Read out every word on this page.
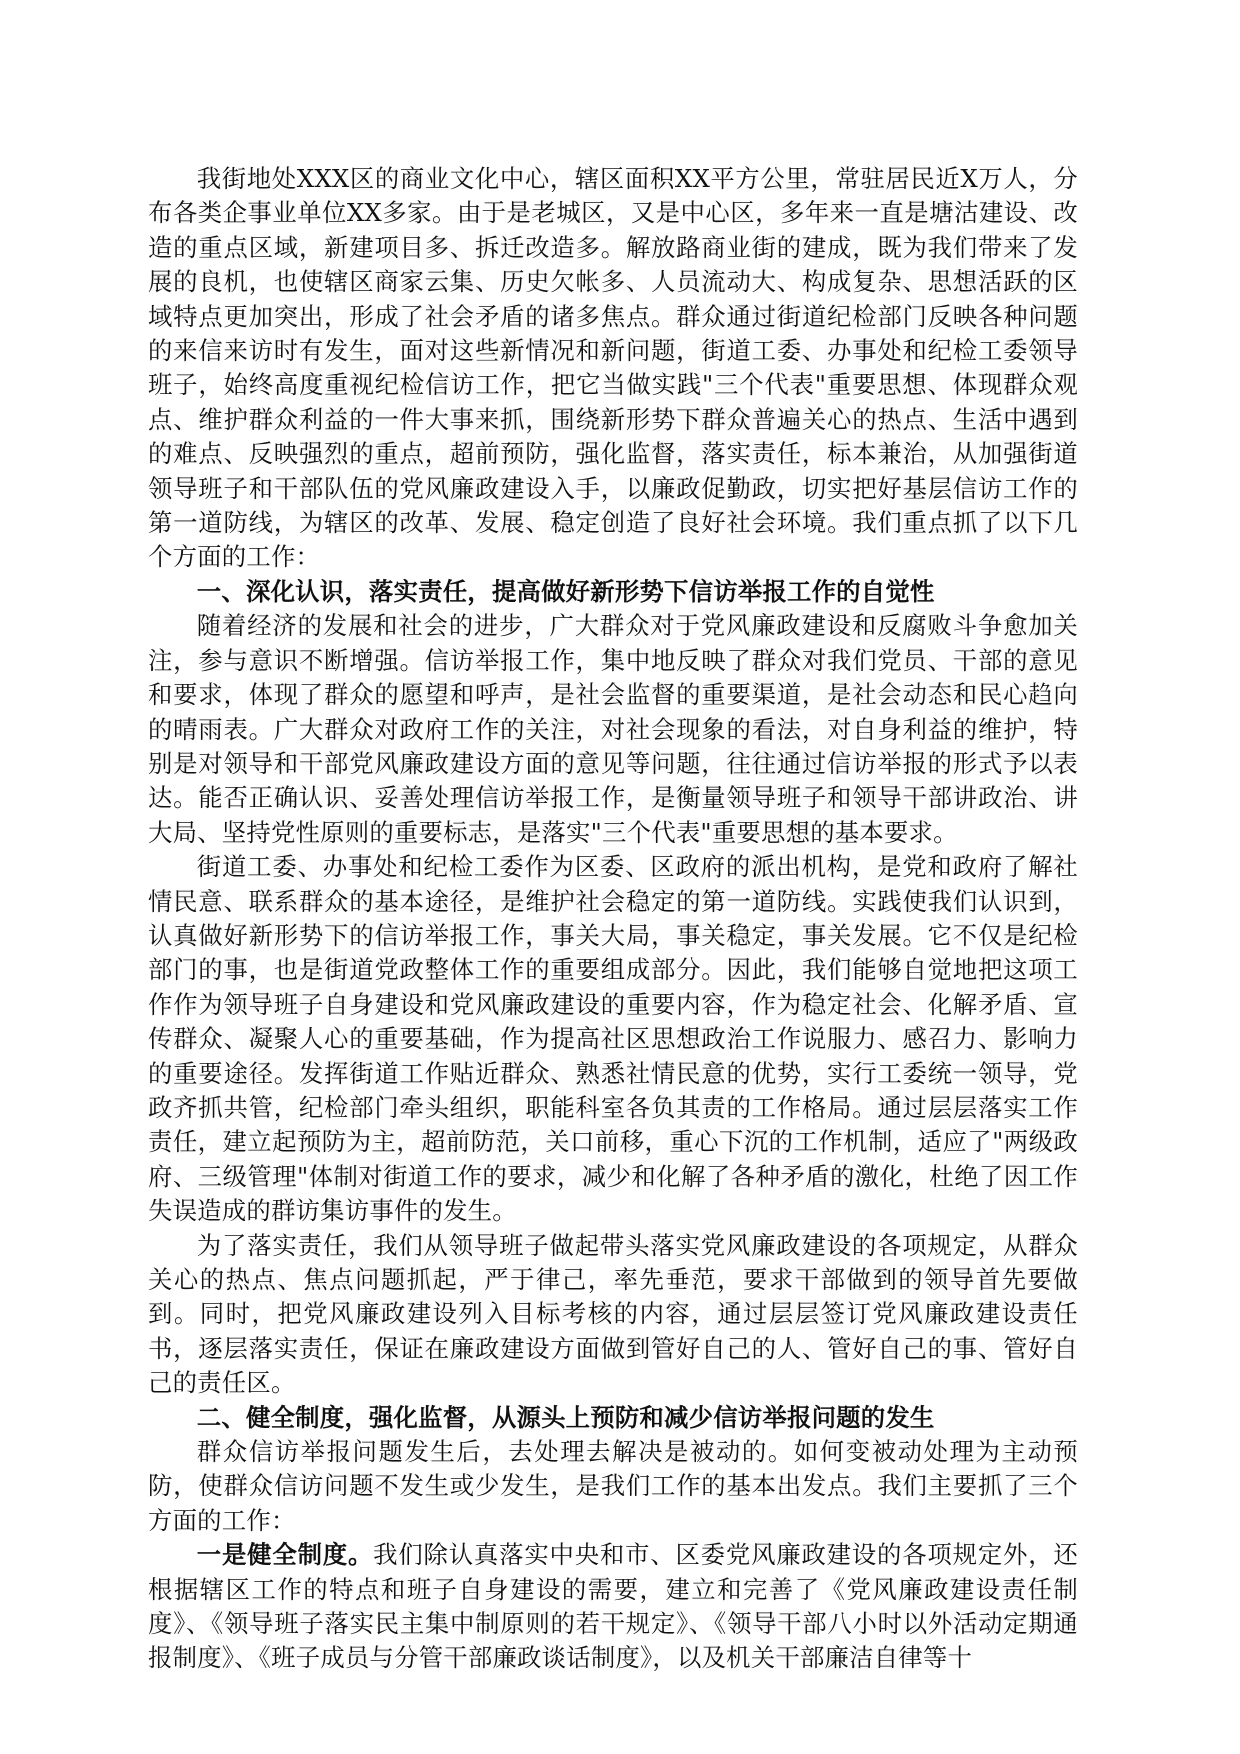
我街地处XXX区的商业文化中心，辖区面积XX平方公里，常驻居民近X万人，分布各类企事业单位XX多家。由于是老城区，又是中心区，多年来一直是塘沽建设、改造的重点区域，新建项目多、拆迁改造多。解放路商业街的建成，既为我们带来了发展的良机，也使辖区商家云集、历史欠帐多、人员流动大、构成复杂、思想活跃的区域特点更加突出，形成了社会矛盾的诸多焦点。群众通过街道纪检部门反映各种问题的来信来访时有发生，面对这些新情况和新问题，街道工委、办事处和纪检工委领导班子，始终高度重视纪检信访工作，把它当做实践"三个代表"重要思想、体现群众观点、维护群众利益的一件大事来抓，围绕新形势下群众普遍关心的热点、生活中遇到的难点、反映强烈的重点，超前预防，强化监督，落实责任，标本兼治，从加强街道领导班子和干部队伍的党风廉政建设入手，以廉政促勤政，切实把好基层信访工作的第一道防线，为辖区的改革、发展、稳定创造了良好社会环境。我们重点抓了以下几个方面的工作：

一、深化认识，落实责任，提高做好新形势下信访举报工作的自觉性

随着经济的发展和社会的进步，广大群众对于党风廉政建设和反腐败斗争愈加关注，参与意识不断增强。信访举报工作，集中地反映了群众对我们党员、干部的意见和要求，体现了群众的愿望和呼声，是社会监督的重要渠道，是社会动态和民心趋向的晴雨表。广大群众对政府工作的关注，对社会现象的看法，对自身利益的维护，特别是对领导和干部党风廉政建设方面的意见等问题，往往通过信访举报的形式予以表达。能否正确认识、妥善处理信访举报工作，是衡量领导班子和领导干部讲政治、讲大局、坚持党性原则的重要标志，是落实"三个代表"重要思想的基本要求。

街道工委、办事处和纪检工委作为区委、区政府的派出机构，是党和政府了解社情民意、联系群众的基本途径，是维护社会稳定的第一道防线。实践使我们认识到，认真做好新形势下的信访举报工作，事关大局，事关稳定，事关发展。它不仅是纪检部门的事，也是街道党政整体工作的重要组成部分。因此，我们能够自觉地把这项工作作为领导班子自身建设和党风廉政建设的重要内容，作为稳定社会、化解矛盾、宣传群众、凝聚人心的重要基础，作为提高社区思想政治工作说服力、感召力、影响力的重要途径。发挥街道工作贴近群众、熟悉社情民意的优势，实行工委统一领导，党政齐抓共管，纪检部门牵头组织，职能科室各负其责的工作格局。通过层层落实工作责任，建立起预防为主，超前防范，关口前移，重心下沉的工作机制，适应了"两级政府、三级管理"体制对街道工作的要求，减少和化解了各种矛盾的激化，杜绝了因工作失误造成的群访集访事件的发生。

为了落实责任，我们从领导班子做起带头落实党风廉政建设的各项规定，从群众关心的热点、焦点问题抓起，严于律己，率先垂范，要求干部做到的领导首先要做到。同时，把党风廉政建设列入目标考核的内容，通过层层签订党风廉政建设责任书，逐层落实责任，保证在廉政建设方面做到管好自己的人、管好自己的事、管好自己的责任区。

二、健全制度，强化监督，从源头上预防和减少信访举报问题的发生

群众信访举报问题发生后，去处理去解决是被动的。如何变被动处理为主动预防，使群众信访问题不发生或少发生，是我们工作的基本出发点。我们主要抓了三个方面的工作：

一是健全制度。我们除认真落实中央和市、区委党风廉政建设的各项规定外，还根据辖区工作的特点和班子自身建设的需要，建立和完善了《党风廉政建设责任制度》、《领导班子落实民主集中制原则的若干规定》、《领导干部八小时以外活动定期通报制度》、《班子成员与分管干部廉政谈话制度》，以及机关干部廉洁自律等十
